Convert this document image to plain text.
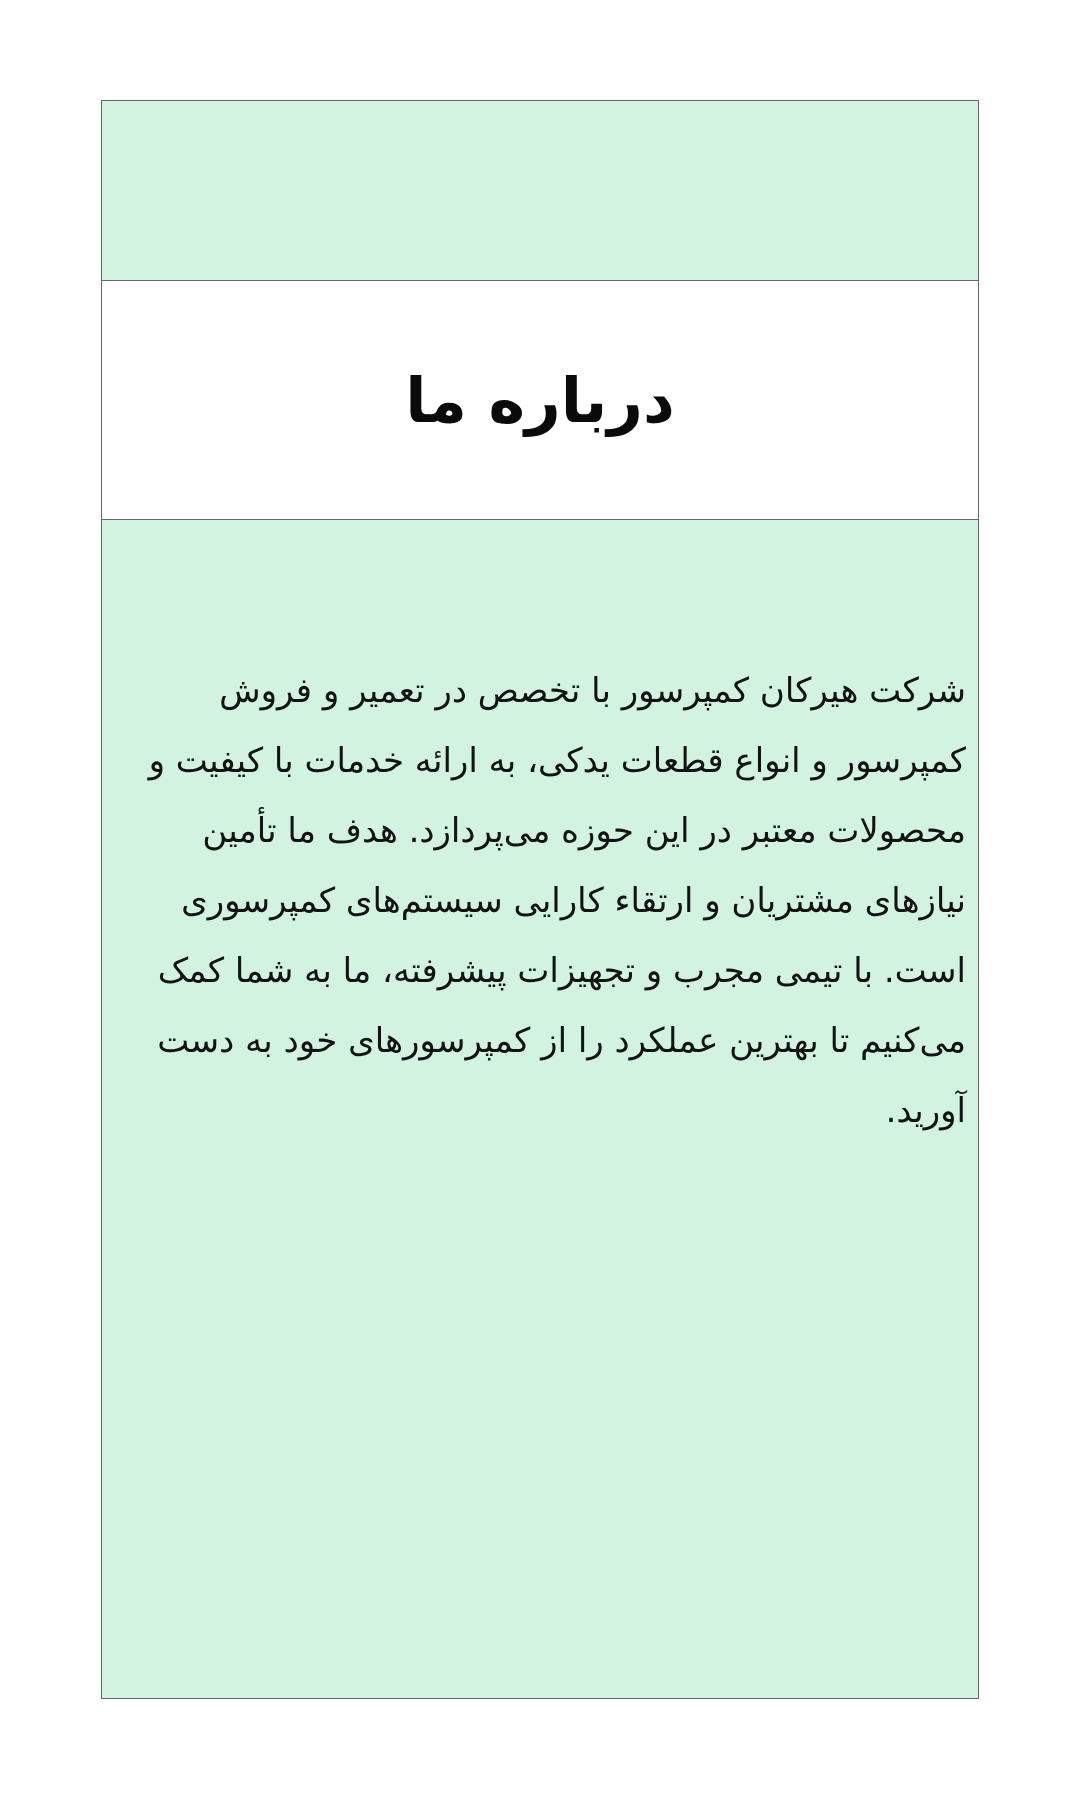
درباره ما
شرکت هیرکان کمپرسور با تخصص در تعمیر و فروش
کمپرسور و انواع قطعات یدکی، به ارائه خدمات با کیفیت و
محصولات معتبر در این حوزه می‌پردازد. هدف ما تأمین
نیازهای مشتریان و ارتقاء کارایی سیستم‌های کمپرسوری
است. با تیمی مجرب و تجهیزات پیشرفته، ما به شما کمک
می‌کنیم تا بهترین عملکرد را از کمپرسورهای خود به دست
آورید.
